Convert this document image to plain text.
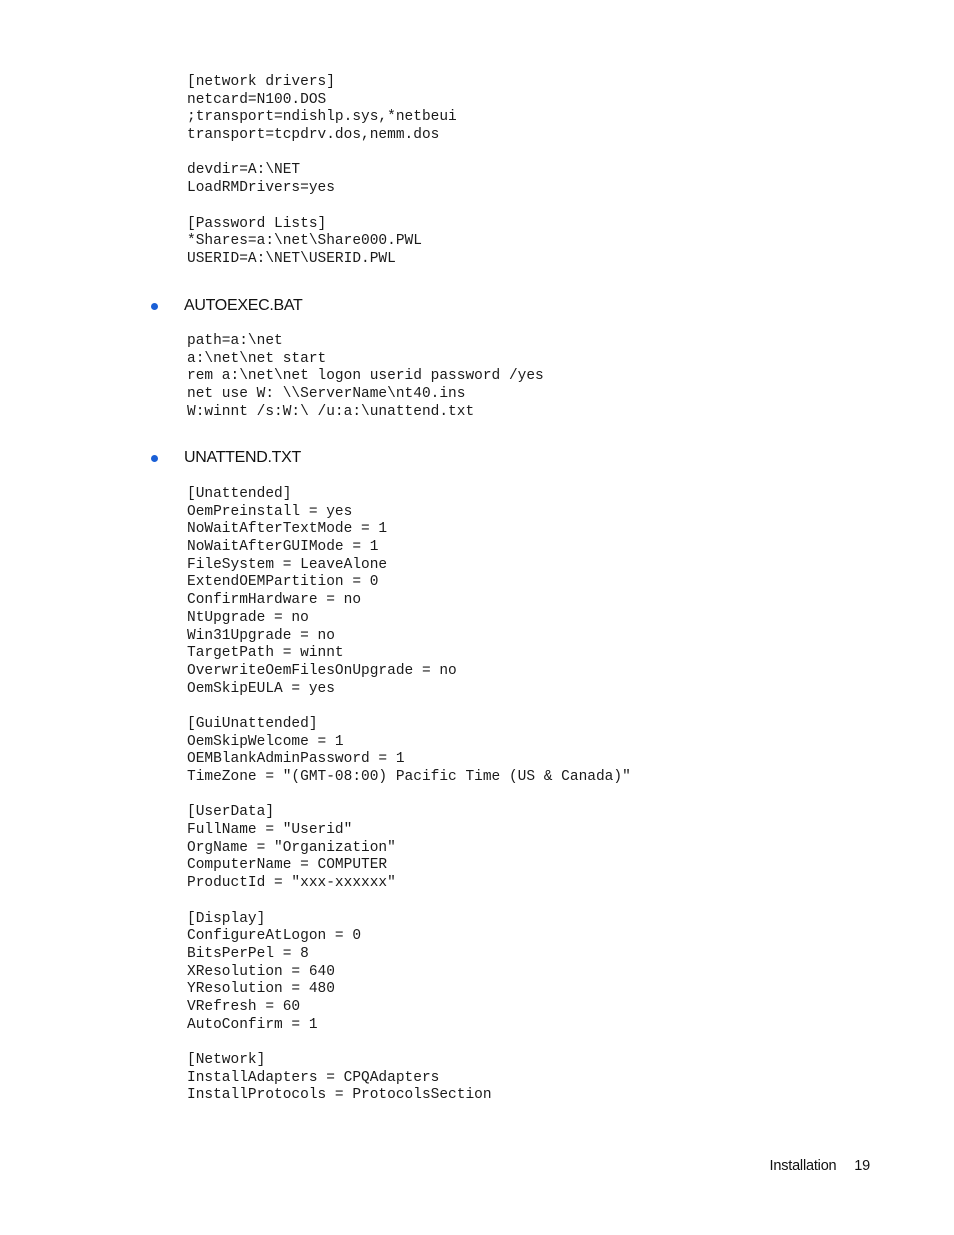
[network drivers]
netcard=N100.DOS
;transport=ndishlp.sys,*netbeui
transport=tcpdrv.dos,nemm.dos
devdir=A:\NET
LoadRMDrivers=yes
[Password Lists]
*Shares=a:\net\Share000.PWL
USERID=A:\NET\USERID.PWL
AUTOEXEC.BAT
path=a:\net
a:\net\net start
rem a:\net\net logon userid password /yes
net use W: \\ServerName\nt40.ins
W:winnt /s:W:\ /u:a:\unattend.txt
UNATTEND.TXT
[Unattended]
OemPreinstall = yes
NoWaitAfterTextMode = 1
NoWaitAfterGUIMode = 1
FileSystem = LeaveAlone
ExtendOEMPartition = 0
ConfirmHardware = no
NtUpgrade = no
Win31Upgrade = no
TargetPath = winnt
OverwriteOemFilesOnUpgrade = no
OemSkipEULA = yes
[GuiUnattended]
OemSkipWelcome = 1
OEMBlankAdminPassword = 1
TimeZone = "(GMT-08:00) Pacific Time (US & Canada)"
[UserData]
FullName = "Userid"
OrgName = "Organization"
ComputerName = COMPUTER
ProductId = "xxx-xxxxxx"
[Display]
ConfigureAtLogon = 0
BitsPerPel = 8
XResolution = 640
YResolution = 480
VRefresh = 60
AutoConfirm = 1
[Network]
InstallAdapters = CPQAdapters
InstallProtocols = ProtocolsSection
Installation 19
